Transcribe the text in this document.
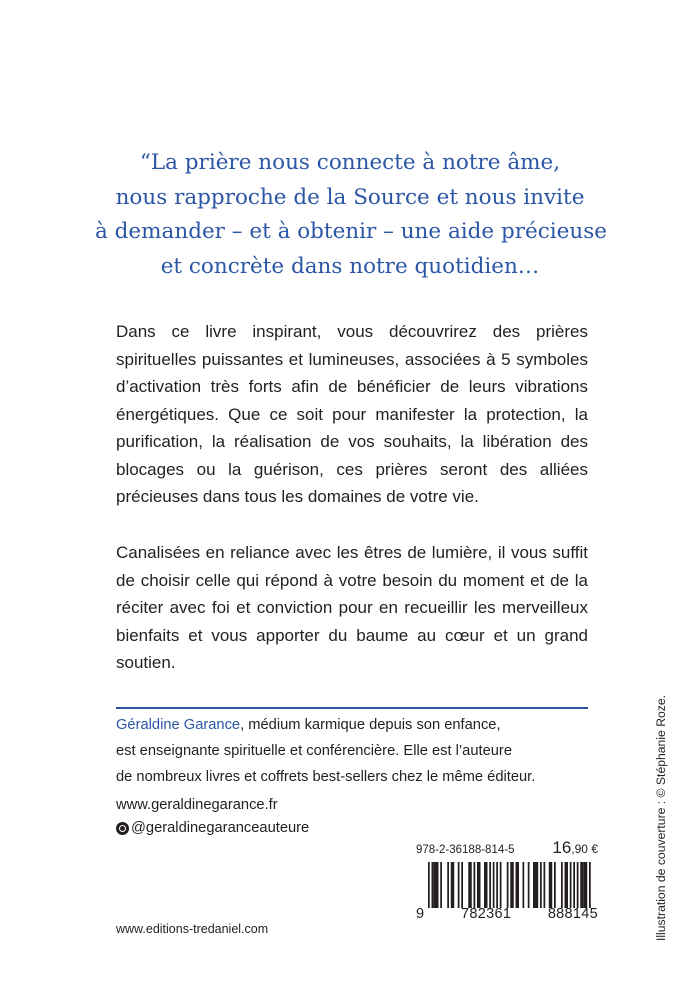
“La prière nous connecte à notre âme,
nous rapproche de la Source et nous invite
à demander – et à obtenir – une aide précieuse
et concrète dans notre quotidien…
Dans ce livre inspirant, vous découvrirez des prières spirituelles puissantes et lumineuses, associées à 5 symboles d’activation très forts afin de bénéficier de leurs vibrations énergétiques. Que ce soit pour manifester la protection, la purification, la réalisation de vos souhaits, la libération des blocages ou la guérison, ces prières seront des alliées précieuses dans tous les domaines de votre vie.
Canalisées en reliance avec les êtres de lumière, il vous suffit de choisir celle qui répond à votre besoin du moment et de la réciter avec foi et conviction pour en recueillir les merveilleux bienfaits et vous apporter du baume au cœur et un grand soutien.
Géraldine Garance, médium karmique depuis son enfance,
est enseignante spirituelle et conférencière. Elle est l’auteure
de nombreux livres et coffrets best-sellers chez le même éditeur.
www.geraldinegarance.fr
@geraldinegaranceauteure
www.editions-tredaniel.com
978-2-36188-814-5 16,90 €
9	782361	888145	Illustration de couverture : © Stéphanie Roze.
